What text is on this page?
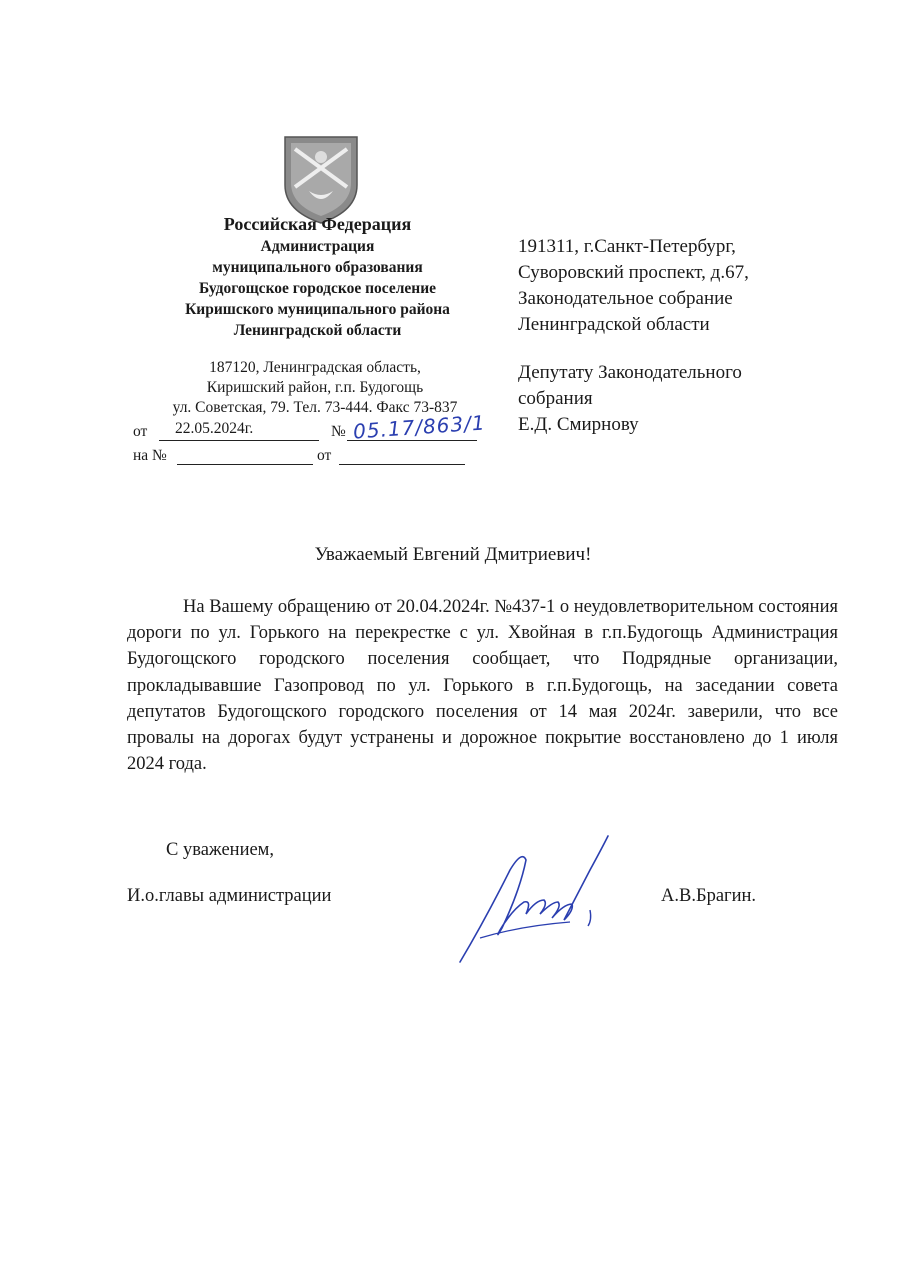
Российская Федерация
Администрация
муниципального образования
Будогощское городское поселение
Киришского муниципального района
Ленинградской области
187120, Ленинградская область,
Киришский район, г.п. Будогощь
ул. Советская, 79. Тел. 73-444. Факс 73-837
от 22.05.2024г.	№ 05.17/863/1
на №	от
191311, г.Санкт-Петербург,
Суворовский проспект, д.67,
Законодательное собрание
Ленинградской области
Депутату Законодательного
собрания
Е.Д. Смирнову
Уважаемый Евгений Дмитриевич!

На Вашему обращению от 20.04.2024г. №437-1 о неудовлетворительном состояния дороги по ул. Горького на перекрестке с ул. Хвойная в г.п.Будогощь Администрация Будогощского городского поселения сообщает, что Подрядные организации, прокладывавшие Газопровод по ул. Горького в г.п.Будогощь, на заседании совета депутатов Будогощского городского поселения от 14 мая 2024г. заверили, что все провалы на дорогах будут устранены и дорожное покрытие восстановлено до 1 июля 2024 года.

С уважением,
И.о.главы администрации	А.В.Брагин.
